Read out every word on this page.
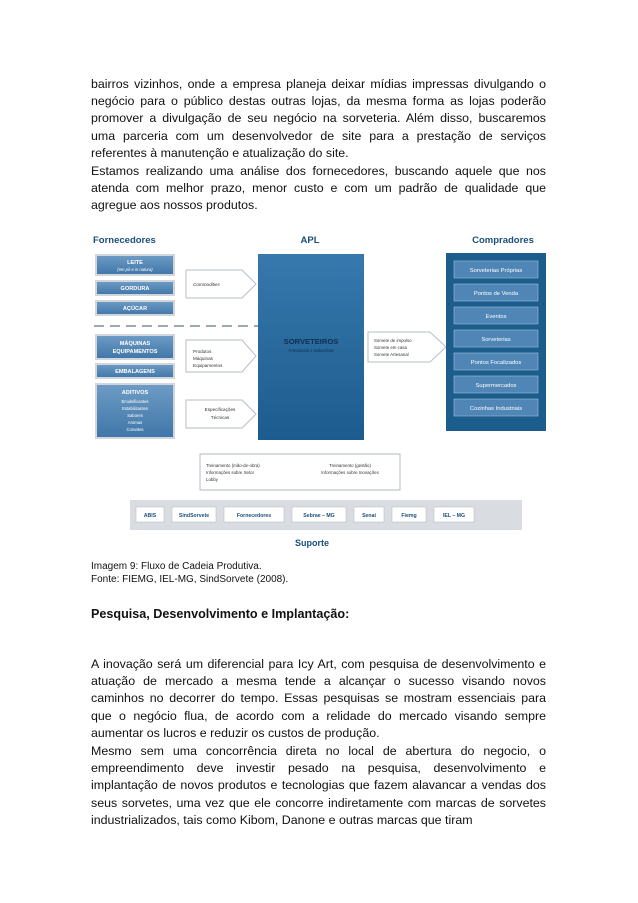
bairros vizinhos, onde a empresa planeja deixar mídias impressas divulgando o negócio para o público destas outras lojas, da mesma forma as lojas poderão promover a divulgação de seu negócio na sorveteria. Além disso, buscaremos uma parceria com um desenvolvedor de site para a prestação de serviços referentes à manutenção e atualização do site.

Estamos realizando uma análise dos fornecedores, buscando aquele que nos atenda com melhor prazo, menor custo e com um padrão de qualidade que agregue aos nossos produtos.

Fornecedores	APL	Compradores
LEITE
(em pó e in natura)
GORDURA
AÇÚCAR
MÁQUINAS
EQUIPAMENTOS
EMBALAGENS
ADITIVOS
Emulsificantes
Estabilizantes
Sabores
Aromas
Corantes
Commodities
Produtos
Máquinas
Equipamentos
Especificações
Técnicas
SORVETEIROS
Artesanais e Industriais
Sorvete de impulso
Sorvete em casa
Sorvete Artesanal
Sorveterias Próprias
Pontos de Venda
Eventos
Sorveterias
Pontos Focalizados
Supermercados
Cozinhas Industriais
Treinamento (mão-de-obra)
Informações sobre Setor
Lobby
Treinamento (gestão)
Informações sobre Inovações
ABIS	SindSorvete	Fornecedores	Sebrae – MG	Senai	Fiemg	IEL – MG
Suporte

Imagem 9: Fluxo de Cadeia Produtiva.

Fonte: FIEMG, IEL-MG, SindSorvete (2008).

Pesquisa, Desenvolvimento e Implantação:

A inovação será um diferencial para Icy Art, com pesquisa de desenvolvimento e atuação de mercado a mesma tende a alcançar o sucesso visando novos caminhos no decorrer do tempo. Essas pesquisas se mostram essenciais para que o negócio flua, de acordo com a relidade do mercado visando sempre aumentar os lucros e reduzir os custos de produção.

Mesmo sem uma concorrência direta no local de abertura do negocio, o empreendimento deve investir pesado na pesquisa, desenvolvimento e implantação de novos produtos e tecnologias que fazem alavancar a vendas dos seus sorvetes, uma vez que ele concorre indiretamente com marcas de sorvetes industrializados, tais como Kibom, Danone e outras marcas que tiram
